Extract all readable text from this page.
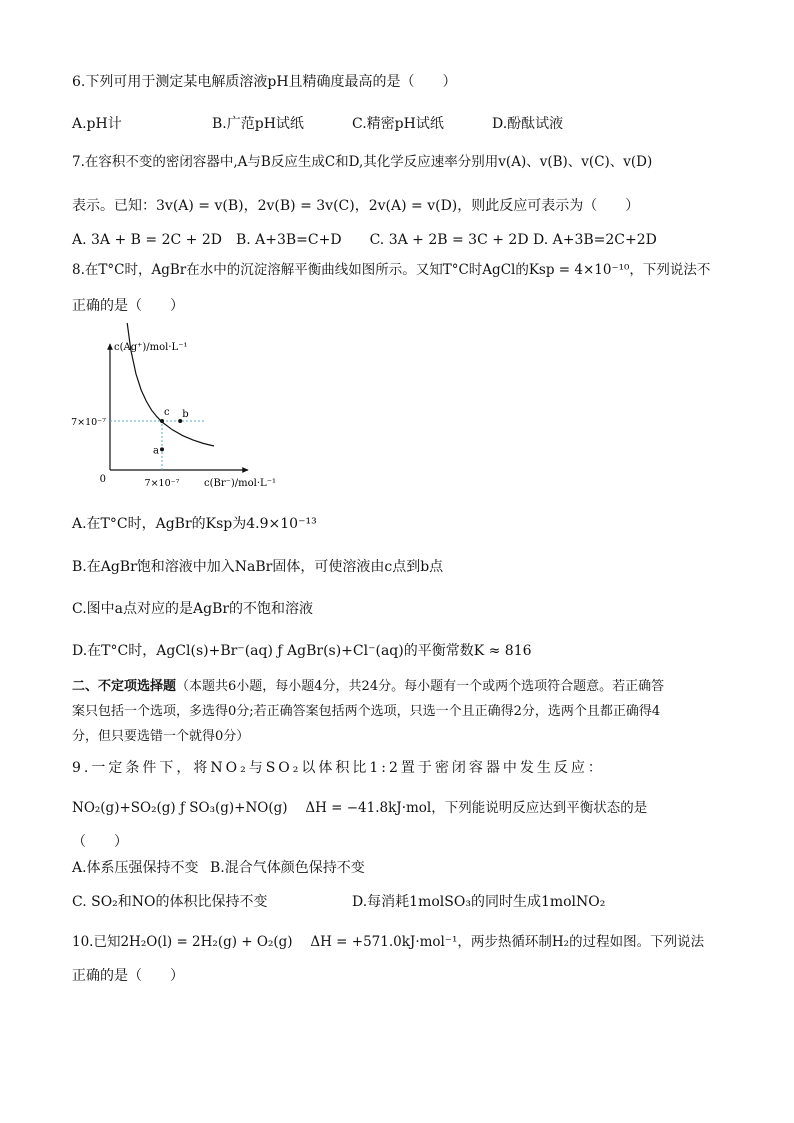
6.下列可用于测定某电解质溶液pH且精确度最高的是（　　）
A.pH计	B.广范pH试纸	C.精密pH试纸	D.酚酞试液
7.在容积不变的密闭容器中,A与B反应生成C和D,其化学反应速率分别用v(A)、v(B)、v(C)、v(D)
表示。已知：3v(A) = v(B)，2v(B) = 3v(C)，2v(A) = v(D)，则此反应可表示为（　　）
A. 3A + B = 2C + 2D　B. A+3B=C+D　　C. 3A + 2B = 3C + 2D D. A+3B=2C+2D
8.在T°C时，AgBr在水中的沉淀溶解平衡曲线如图所示。又知T°C时AgCl的Ksp = 4×10⁻¹⁰，下列说法不
正确的是（　　）
c(Ag⁺)/mol·L⁻¹
c(Br⁻)/mol·L⁻¹
0	7×10⁻⁷
7×10⁻⁷
c b
a
A.在T°C时，AgBr的Ksp为4.9×10⁻¹³
B.在AgBr饱和溶液中加入NaBr固体，可使溶液由c点到b点
C.图中a点对应的是AgBr的不饱和溶液
D.在T°C时，AgCl(s)+Br⁻(aq) ƒ AgBr(s)+Cl⁻(aq)的平衡常数K ≈ 816
二、不定项选择题（本题共6小题，每小题4分，共24分。每小题有一个或两个选项符合题意。若正确答
案只包括一个选项，多选得0分;若正确答案包括两个选项，只选一个且正确得2分，选两个且都正确得4
分，但只要选错一个就得0分）
9.一定条件下，将NO₂与SO₂以体积比1:2置于密闭容器中发生反应：
NO₂(g)+SO₂(g) ƒ SO₃(g)+NO(g)　 ΔH = −41.8kJ·mol，下列能说明反应达到平衡状态的是
（　　）
A.体系压强保持不变 B.混合气体颜色保持不变
C. SO₂和NO的体积比保持不变	D.每消耗1molSO₃的同时生成1molNO₂
10.已知2H₂O(l) = 2H₂(g) + O₂(g)　 ΔH = +571.0kJ·mol⁻¹，两步热循环制H₂的过程如图。下列说法
正确的是（　　）
